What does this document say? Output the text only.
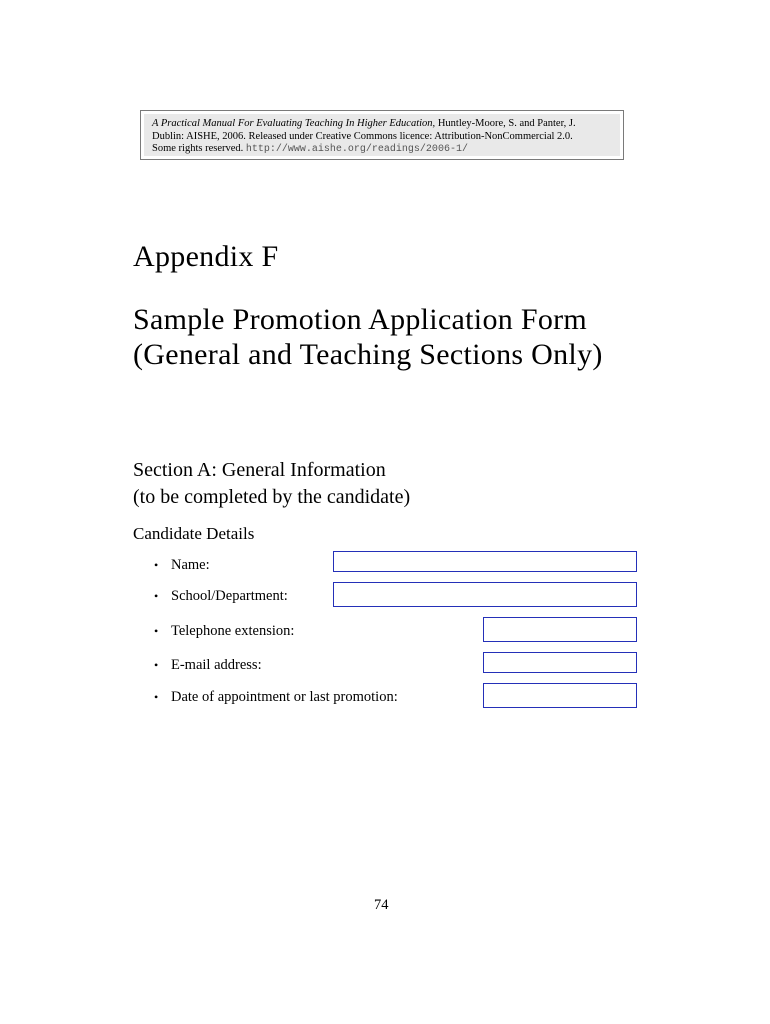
A Practical Manual For Evaluating Teaching In Higher Education, Huntley-Moore, S. and Panter, J.
Dublin: AISHE, 2006. Released under Creative Commons licence: Attribution-NonCommercial 2.0.
Some rights reserved. http://www.aishe.org/readings/2006-1/
Appendix F
Sample Promotion Application Form (General and Teaching Sections Only)
Section A: General Information
(to be completed by the candidate)
Candidate Details
• Name:
• School/Department:
• Telephone extension:
• E-mail address:
• Date of appointment or last promotion:
74
